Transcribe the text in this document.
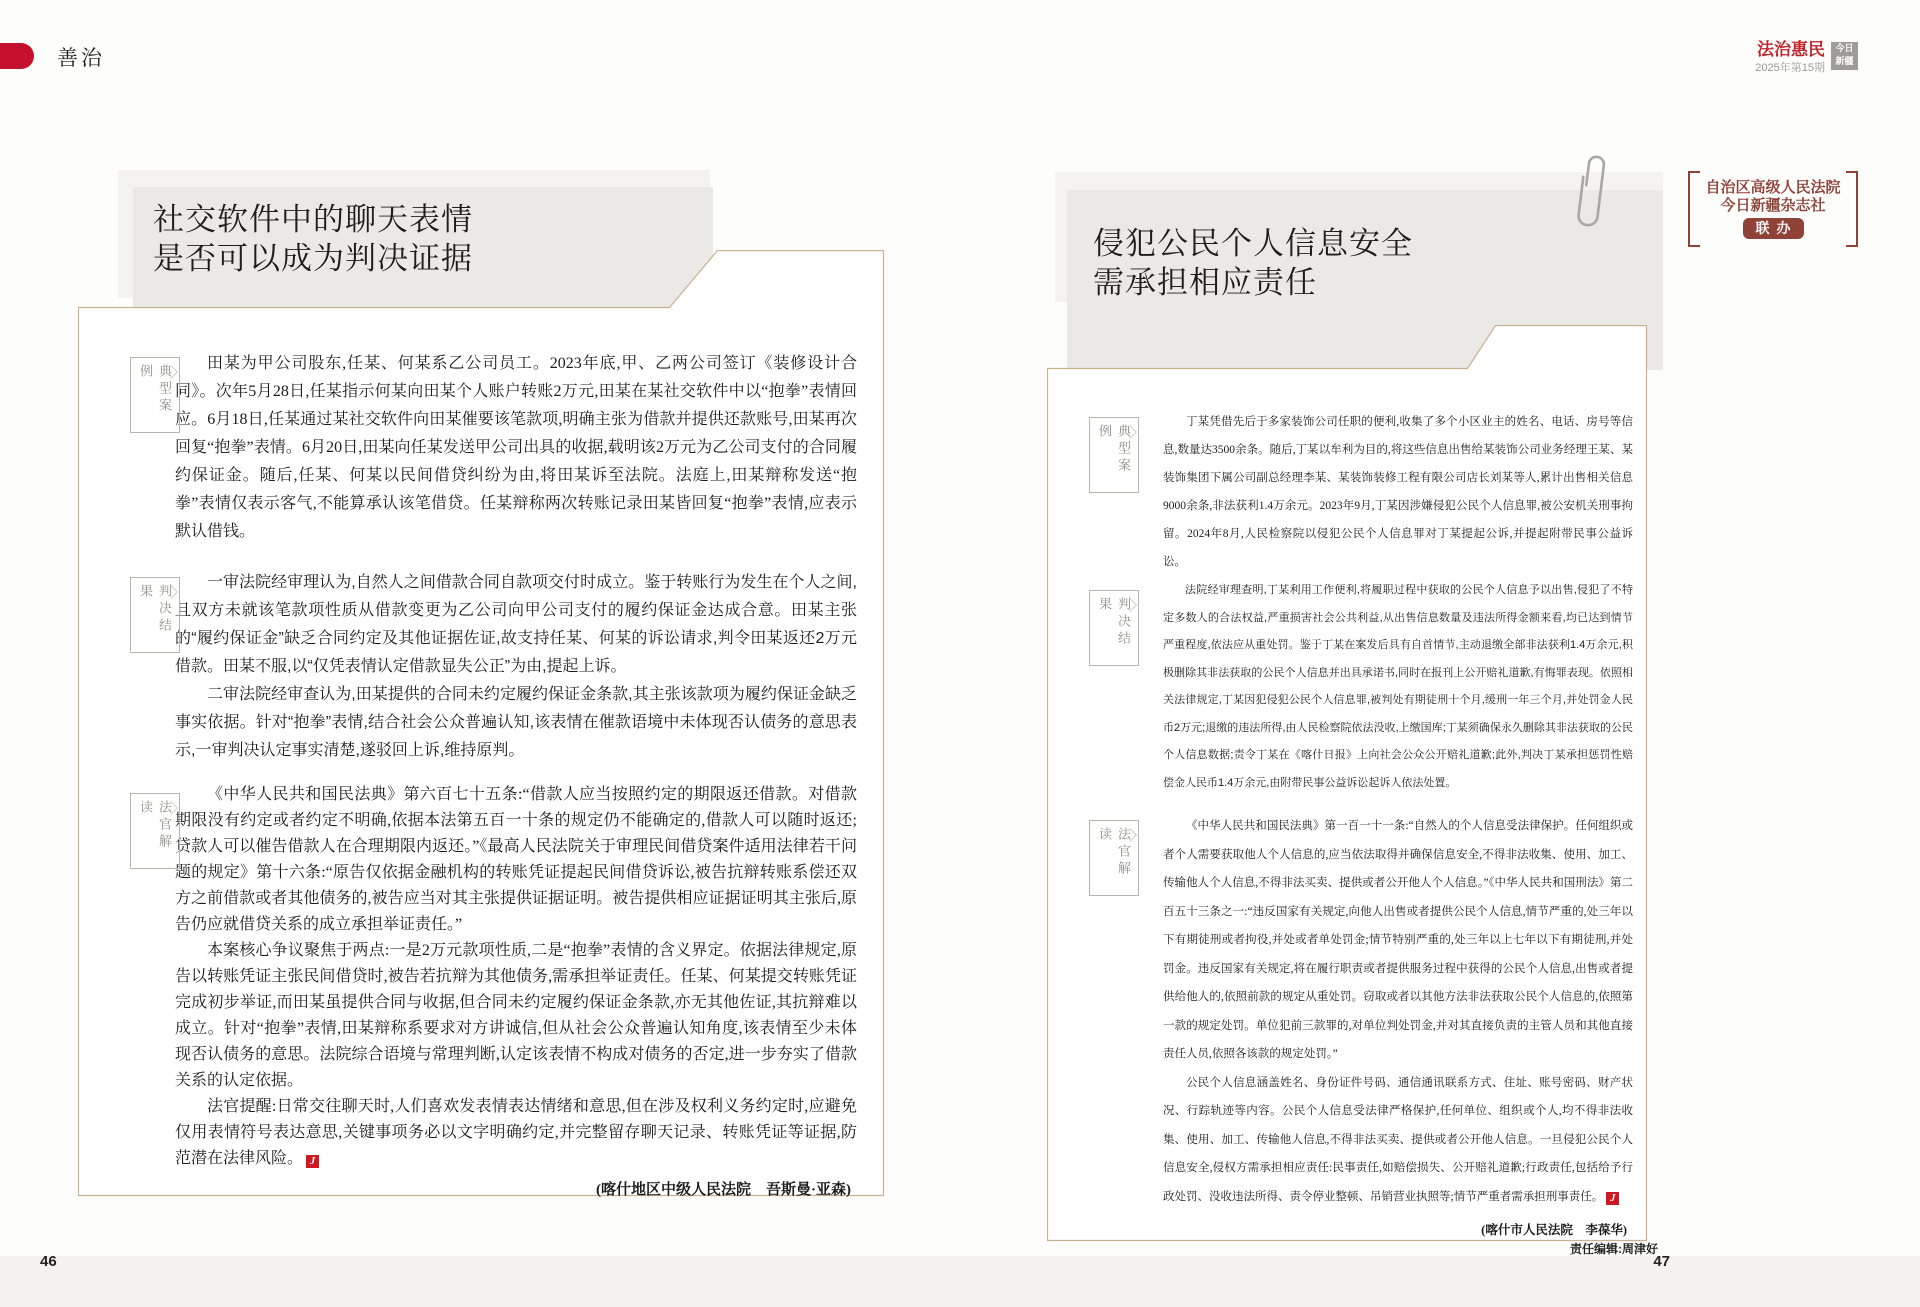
善治	法治惠民
2025年第15期
今日
新疆
社交软件中的聊天表情
是否可以成为判决证据	侵犯公民个人信息安全
需承担相应责任
自治区高级人民法院
今日新疆杂志社
联办
典型案例
判决结果
法官解读
典型案例
判决结果
法官解读

田某为甲公司股东,任某、何某系乙公司员工。2023年底,甲、乙两公司签订《装修设计合同》。次年5月28日,任某指示何某向田某个人账户转账2万元,田某在某社交软件中以“抱拳”表情回应。6月18日,任某通过某社交软件向田某催要该笔款项,明确主张为借款并提供还款账号,田某再次回复“抱拳”表情。6月20日,田某向任某发送甲公司出具的收据,载明该2万元为乙公司支付的合同履约保证金。随后,任某、何某以民间借贷纠纷为由,将田某诉至法院。法庭上,田某辩称发送“抱拳”表情仅表示客气,不能算承认该笔借贷。任某辩称两次转账记录田某皆回复“抱拳”表情,应表示默认借钱。

一审法院经审理认为,自然人之间借款合同自款项交付时成立。鉴于转账行为发生在个人之间,且双方未就该笔款项性质从借款变更为乙公司向甲公司支付的履约保证金达成合意。田某主张的“履约保证金”缺乏合同约定及其他证据佐证,故支持任某、何某的诉讼请求,判令田某返还2万元借款。田某不服,以“仅凭表情认定借款显失公正”为由,提起上诉。

二审法院经审查认为,田某提供的合同未约定履约保证金条款,其主张该款项为履约保证金缺乏事实依据。针对“抱拳”表情,结合社会公众普遍认知,该表情在催款语境中未体现否认债务的意思表示,一审判决认定事实清楚,遂驳回上诉,维持原判。

《中华人民共和国民法典》第六百七十五条:“借款人应当按照约定的期限返还借款。对借款期限没有约定或者约定不明确,依据本法第五百一十条的规定仍不能确定的,借款人可以随时返还;贷款人可以催告借款人在合理期限内返还。”《最高人民法院关于审理民间借贷案件适用法律若干问题的规定》第十六条:“原告仅依据金融机构的转账凭证提起民间借贷诉讼,被告抗辩转账系偿还双方之前借款或者其他债务的,被告应当对其主张提供证据证明。被告提供相应证据证明其主张后,原告仍应就借贷关系的成立承担举证责任。”

本案核心争议聚焦于两点:一是2万元款项性质,二是“抱拳”表情的含义界定。依据法律规定,原告以转账凭证主张民间借贷时,被告若抗辩为其他债务,需承担举证责任。任某、何某提交转账凭证完成初步举证,而田某虽提供合同与收据,但合同未约定履约保证金条款,亦无其他佐证,其抗辩难以成立。针对“抱拳”表情,田某辩称系要求对方讲诚信,但从社会公众普遍认知角度,该表情至少未体现否认债务的意思。法院综合语境与常理判断,认定该表情不构成对债务的否定,进一步夯实了借款关系的认定依据。

法官提醒:日常交往聊天时,人们喜欢发表情表达情绪和意思,但在涉及权利义务约定时,应避免仅用表情符号表达意思,关键事项务必以文字明确约定,并完整留存聊天记录、转账凭证等证据,防范潜在法律风险。 J

(喀什地区中级人民法院　吾斯曼·亚森)

丁某凭借先后于多家装饰公司任职的便利,收集了多个小区业主的姓名、电话、房号等信息,数量达3500余条。随后,丁某以牟利为目的,将这些信息出售给某装饰公司业务经理王某、某装饰集团下属公司副总经理李某、某装饰装修工程有限公司店长刘某等人,累计出售相关信息9000余条,非法获利1.4万余元。2023年9月,丁某因涉嫌侵犯公民个人信息罪,被公安机关刑事拘留。2024年8月,人民检察院以侵犯公民个人信息罪对丁某提起公诉,并提起附带民事公益诉讼。

法院经审理查明,丁某利用工作便利,将履职过程中获取的公民个人信息予以出售,侵犯了不特定多数人的合法权益,严重损害社会公共利益,从出售信息数量及违法所得金额来看,均已达到情节严重程度,依法应从重处罚。鉴于丁某在案发后具有自首情节,主动退缴全部非法获利1.4万余元,积极删除其非法获取的公民个人信息并出具承诺书,同时在报刊上公开赔礼道歉,有悔罪表现。依照相关法律规定,丁某因犯侵犯公民个人信息罪,被判处有期徒刑十个月,缓刑一年三个月,并处罚金人民币2万元;退缴的违法所得,由人民检察院依法没收,上缴国库;丁某须确保永久删除其非法获取的公民个人信息数据;责令丁某在《喀什日报》上向社会公众公开赔礼道歉;此外,判决丁某承担惩罚性赔偿金人民币1.4万余元,由附带民事公益诉讼起诉人依法处置。

《中华人民共和国民法典》第一百一十一条:“自然人的个人信息受法律保护。任何组织或者个人需要获取他人个人信息的,应当依法取得并确保信息安全,不得非法收集、使用、加工、传输他人个人信息,不得非法买卖、提供或者公开他人个人信息。”《中华人民共和国刑法》第二百五十三条之一:“违反国家有关规定,向他人出售或者提供公民个人信息,情节严重的,处三年以下有期徒刑或者拘役,并处或者单处罚金;情节特别严重的,处三年以上七年以下有期徒刑,并处罚金。违反国家有关规定,将在履行职责或者提供服务过程中获得的公民个人信息,出售或者提供给他人的,依照前款的规定从重处罚。窃取或者以其他方法非法获取公民个人信息的,依照第一款的规定处罚。单位犯前三款罪的,对单位判处罚金,并对其直接负责的主管人员和其他直接责任人员,依照各该款的规定处罚。”

公民个人信息涵盖姓名、身份证件号码、通信通讯联系方式、住址、账号密码、财产状况、行踪轨迹等内容。公民个人信息受法律严格保护,任何单位、组织或个人,均不得非法收集、使用、加工、传输他人信息,不得非法买卖、提供或者公开他人信息。一旦侵犯公民个人信息安全,侵权方需承担相应责任:民事责任,如赔偿损失、公开赔礼道歉;行政责任,包括给予行政处罚、没收违法所得、责令停业整顿、吊销营业执照等;情节严重者需承担刑事责任。 J

(喀什市人民法院　李葆华)
责任编辑:周津好
46	47
